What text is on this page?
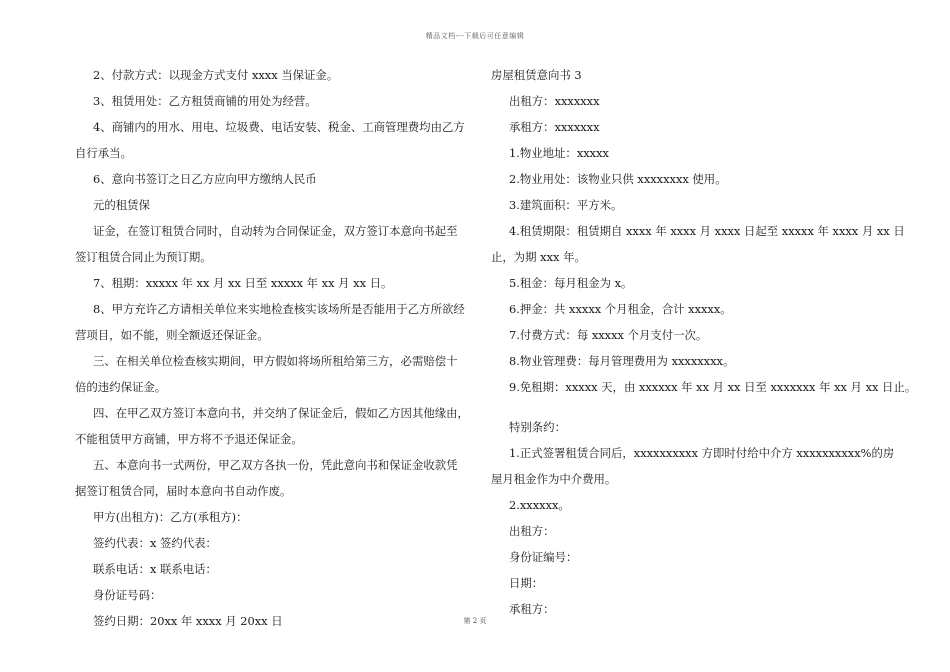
精品文档---下载后可任意编辑
2、付款方式：以现金方式支付 xxxx 当保证金。
3、租赁用处：乙方租赁商铺的用处为经营。
4、商铺内的用水、用电、垃圾费、电话安装、税金、工商管理费均由乙方
自行承当。
6、意向书签订之日乙方应向甲方缴纳人民币
元的租赁保
证金，在签订租赁合同时，自动转为合同保证金，双方签订本意向书起至
签订租赁合同止为预订期。
7、租期：xxxxx 年 xx 月 xx 日至 xxxxx 年 xx 月 xx 日。
8、甲方充许乙方请相关单位来实地检查核实该场所是否能用于乙方所欲经
营项目，如不能，则全额返还保证金。
三、在相关单位检查核实期间，甲方假如将场所租给第三方，必需赔偿十
倍的违约保证金。
四、在甲乙双方签订本意向书，并交纳了保证金后，假如乙方因其他缘由，
不能租赁甲方商铺，甲方将不予退还保证金。
五、本意向书一式两份，甲乙双方各执一份，凭此意向书和保证金收款凭
据签订租赁合同，届时本意向书自动作废。
甲方(出租方)：乙方(承租方)：
签约代表：x 签约代表：
联系电话：x 联系电话：
身份证号码：
签约日期：20xx 年 xxxx 月 20xx 日
房屋租赁意向书 3
出租方：xxxxxxx
承租方：xxxxxxx
1.物业地址：xxxxx
2.物业用处：该物业只供 xxxxxxxx 使用。
3.建筑面积：平方米。
4.租赁期限：租赁期自 xxxx 年 xxxx 月 xxxx 日起至 xxxxx 年 xxxx 月 xx 日
止，为期 xxx 年。
5.租金：每月租金为 x。
6.押金：共 xxxxx 个月租金，合计 xxxxx。
7.付费方式：每 xxxxx 个月支付一次。
8.物业管理费：每月管理费用为 xxxxxxxx。
9.免租期：xxxxx 天，由 xxxxxx 年 xx 月 xx 日至 xxxxxxx 年 xx 月 xx 日止。
特别条约：
1.正式签署租赁合同后，xxxxxxxxxx 方即时付给中介方 xxxxxxxxxx%的房
屋月租金作为中介费用。
2.xxxxxx。
出租方：
身份证编号：
日期：
承租方：
第 2 页
